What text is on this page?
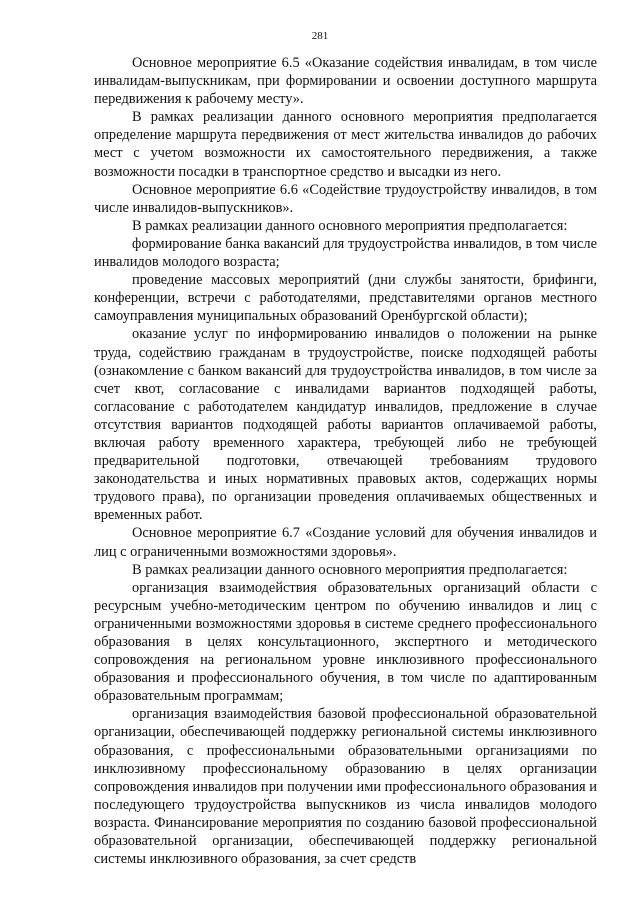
281

Основное мероприятие 6.5 «Оказание содействия инвалидам, в том числе инвалидам-выпускникам, при формировании и освоении доступного маршрута передвижения к рабочему месту».

В рамках реализации данного основного мероприятия предполагается определение маршрута передвижения от мест жительства инвалидов до рабочих мест с учетом возможности их самостоятельного передвижения, а также возможности посадки в транспортное средство и высадки из него.

Основное мероприятие 6.6 «Содействие трудоустройству инвалидов, в том числе инвалидов-выпускников».

В рамках реализации данного основного мероприятия предполагается:

формирование банка вакансий для трудоустройства инвалидов, в том числе инвалидов молодого возраста;

проведение массовых мероприятий (дни службы занятости, брифинги, конференции, встречи с работодателями, представителями органов местного самоуправления муниципальных образований Оренбургской области);

оказание услуг по информированию инвалидов о положении на рынке труда, содействию гражданам в трудоустройстве, поиске подходящей работы (ознакомление с банком вакансий для трудоустройства инвалидов, в том числе за счет квот, согласование с инвалидами вариантов подходящей работы, согласование с работодателем кандидатур инвалидов, предложение в случае отсутствия вариантов подходящей работы вариантов оплачиваемой работы, включая работу временного характера, требующей либо не требующей предварительной подготовки, отвечающей требованиям трудового законодательства и иных нормативных правовых актов, содержащих нормы трудового права), по организации проведения оплачиваемых общественных и временных работ.

Основное мероприятие 6.7 «Создание условий для обучения инвалидов и лиц с ограниченными возможностями здоровья».

В рамках реализации данного основного мероприятия предполагается:

организация взаимодействия образовательных организаций области с ресурсным учебно-методическим центром по обучению инвалидов и лиц с ограниченными возможностями здоровья в системе среднего профессионального образования в целях консультационного, экспертного и методического сопровождения на региональном уровне инклюзивного профессионального образования и профессионального обучения, в том числе по адаптированным образовательным программам;

организация взаимодействия базовой профессиональной образовательной организации, обеспечивающей поддержку региональной системы инклюзивного образования, с профессиональными образовательными организациями по инклюзивному профессиональному образованию в целях организации сопровождения инвалидов при получении ими профессионального образования и последующего трудоустройства выпускников из числа инвалидов молодого возраста. Финансирование мероприятия по созданию базовой профессиональной образовательной организации, обеспечивающей поддержку региональной системы инклюзивного образования, за счет средств
